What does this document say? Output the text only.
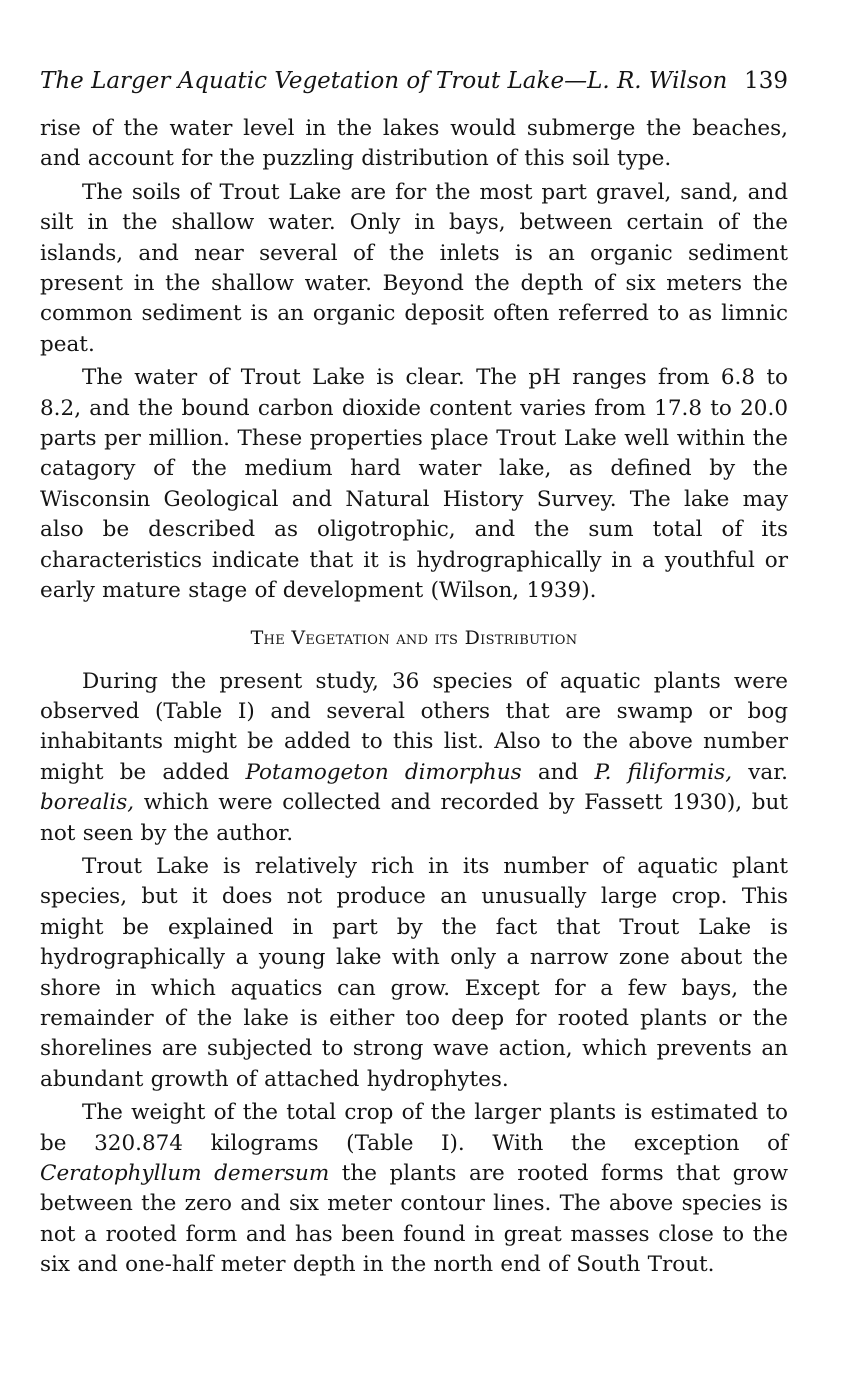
The Larger Aquatic Vegetation of Trout Lake—L. R. Wilson 139

rise of the water level in the lakes would submerge the beaches, and account for the puzzling distribution of this soil type.

The soils of Trout Lake are for the most part gravel, sand, and silt in the shallow water. Only in bays, between certain of the islands, and near several of the inlets is an organic sediment present in the shallow water. Beyond the depth of six meters the common sediment is an organic deposit often referred to as limnic peat.

The water of Trout Lake is clear. The pH ranges from 6.8 to 8.2, and the bound carbon dioxide content varies from 17.8 to 20.0 parts per million. These properties place Trout Lake well within the catagory of the medium hard water lake, as defined by the Wisconsin Geological and Natural History Survey. The lake may also be described as oligotrophic, and the sum total of its characteristics indicate that it is hydrographically in a youthful or early mature stage of development (Wilson, 1939).

The Vegetation and its Distribution

During the present study, 36 species of aquatic plants were observed (Table I) and several others that are swamp or bog inhabitants might be added to this list. Also to the above number might be added Potamogeton dimorphus and P. filiformis, var. borealis, which were collected and recorded by Fassett 1930), but not seen by the author.

Trout Lake is relatively rich in its number of aquatic plant species, but it does not produce an unusually large crop. This might be explained in part by the fact that Trout Lake is hydrographically a young lake with only a narrow zone about the shore in which aquatics can grow. Except for a few bays, the remainder of the lake is either too deep for rooted plants or the shorelines are subjected to strong wave action, which prevents an abundant growth of attached hydrophytes.

The weight of the total crop of the larger plants is estimated to be 320.874 kilograms (Table I). With the exception of Ceratophyllum demersum the plants are rooted forms that grow between the zero and six meter contour lines. The above species is not a rooted form and has been found in great masses close to the six and one-half meter depth in the north end of South Trout.
